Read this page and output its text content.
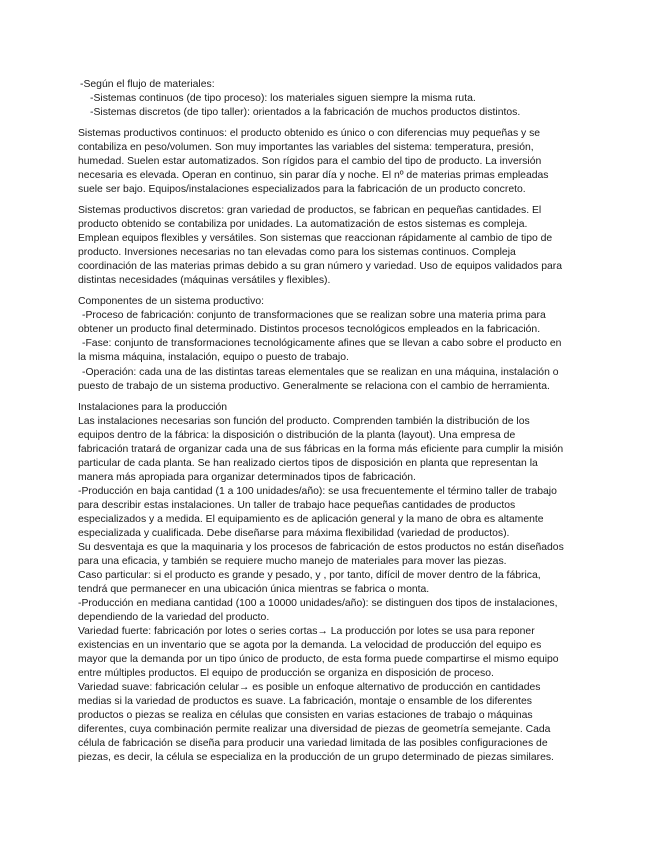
-Según el flujo de materiales:
-Sistemas continuos (de tipo proceso): los materiales siguen siempre la misma ruta.
-Sistemas discretos (de tipo taller): orientados a la fabricación de muchos productos distintos.
Sistemas productivos continuos: el producto obtenido es único o con diferencias muy pequeñas y se
contabiliza en peso/volumen. Son muy importantes las variables del sistema: temperatura, presión,
humedad. Suelen estar automatizados. Son rígidos para el cambio del tipo de producto. La inversión
necesaria es elevada. Operan en continuo, sin parar día y noche. El nº de materias primas empleadas
suele ser bajo. Equipos/instalaciones especializados para la fabricación de un producto concreto.
Sistemas productivos discretos: gran variedad de productos, se fabrican en pequeñas cantidades. El
producto obtenido se contabiliza por unidades. La automatización de estos sistemas es compleja.
Emplean equipos flexibles y versátiles. Son sistemas que reaccionan rápidamente al cambio de tipo de
producto. Inversiones necesarias no tan elevadas como para los sistemas continuos. Compleja
coordinación de las materias primas debido a su gran número y variedad. Uso de equipos validados para
distintas necesidades (máquinas versátiles y flexibles).
Componentes de un sistema productivo:
-Proceso de fabricación: conjunto de transformaciones que se realizan sobre una materia prima para
obtener un producto final determinado. Distintos procesos tecnológicos empleados en la fabricación.
-Fase: conjunto de transformaciones tecnológicamente afines que se llevan a cabo sobre el producto en
la misma máquina, instalación, equipo o puesto de trabajo.
-Operación: cada una de las distintas tareas elementales que se realizan en una máquina, instalación o
puesto de trabajo de un sistema productivo. Generalmente se relaciona con el cambio de herramienta.
Instalaciones para la producción
Las instalaciones necesarias son función del producto. Comprenden también la distribución de los
equipos dentro de la fábrica: la disposición o distribución de la planta (layout). Una empresa de
fabricación tratará de organizar cada una de sus fábricas en la forma más eficiente para cumplir la misión
particular de cada planta. Se han realizado ciertos tipos de disposición en planta que representan la
manera más apropiada para organizar determinados tipos de fabricación.
-Producción en baja cantidad (1 a 100 unidades/año): se usa frecuentemente el término taller de trabajo
para describir estas instalaciones. Un taller de trabajo hace pequeñas cantidades de productos
especializados y a medida. El equipamiento es de aplicación general y la mano de obra es altamente
especializada y cualificada. Debe diseñarse para máxima flexibilidad (variedad de productos).
Su desventaja es que la maquinaria y los procesos de fabricación de estos productos no están diseñados
para una eficacia, y también se requiere mucho manejo de materiales para mover las piezas.
Caso particular: si el producto es grande y pesado, y , por tanto, difícil de mover dentro de la fábrica,
tendrá que permanecer en una ubicación única mientras se fabrica o monta.
-Producción en mediana cantidad (100 a 10000 unidades/año): se distinguen dos tipos de instalaciones,
dependiendo de la variedad del producto.
Variedad fuerte: fabricación por lotes o series cortas→ La producción por lotes se usa para reponer
existencias en un inventario que se agota por la demanda. La velocidad de producción del equipo es
mayor que la demanda por un tipo único de producto, de esta forma puede compartirse el mismo equipo
entre múltiples productos. El equipo de producción se organiza en disposición de proceso.
Variedad suave: fabricación celular→ es posible un enfoque alternativo de producción en cantidades
medias si la variedad de productos es suave. La fabricación, montaje o ensamble de los diferentes
productos o piezas se realiza en células que consisten en varias estaciones de trabajo o máquinas
diferentes, cuya combinación permite realizar una diversidad de piezas de geometría semejante. Cada
célula de fabricación se diseña para producir una variedad limitada de las posibles configuraciones de
piezas, es decir, la célula se especializa en la producción de un grupo determinado de piezas similares.
